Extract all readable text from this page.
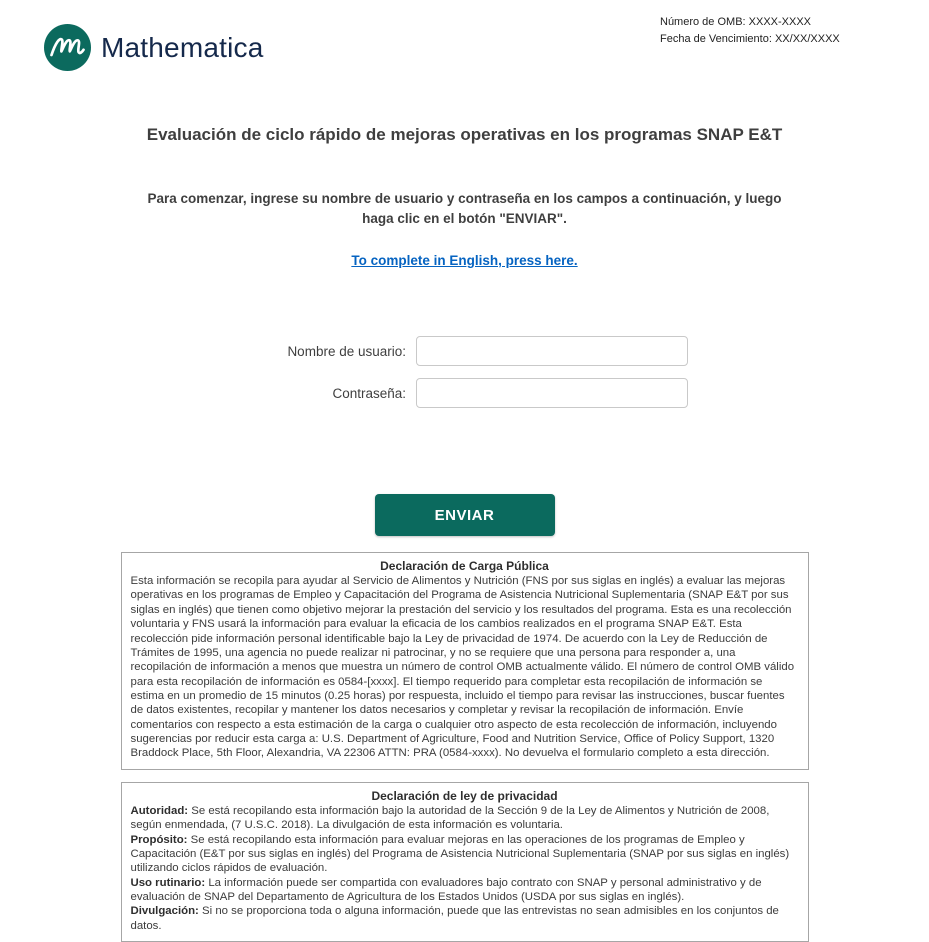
Número de OMB: XXXX-XXXX
Fecha de Vencimiento: XX/XX/XXXX
Mathematica
Evaluación de ciclo rápido de mejoras operativas en los programas SNAP E&T

Para comenzar, ingrese su nombre de usuario y contraseña en los campos a continuación, y luego haga clic en el botón "ENVIAR".

To complete in English, press here.
Nombre de usuario:
Contraseña:
ENVIAR
Declaración de Carga Pública

Esta información se recopila para ayudar al Servicio de Alimentos y Nutrición (FNS por sus siglas en inglés) a evaluar las mejoras operativas en los programas de Empleo y Capacitación del Programa de Asistencia Nutricional Suplementaria (SNAP E&T por sus siglas en inglés) que tienen como objetivo mejorar la prestación del servicio y los resultados del programa. Esta es una recolección voluntaria y FNS usará la información para evaluar la eficacia de los cambios realizados en el programa SNAP E&T. Esta recolección pide información personal identificable bajo la Ley de privacidad de 1974. De acuerdo con la Ley de Reducción de Trámites de 1995, una agencia no puede realizar ni patrocinar, y no se requiere que una persona para responder a, una recopilación de información a menos que muestra un número de control OMB actualmente válido. El número de control OMB válido para esta recopilación de información es 0584-[xxxx]. El tiempo requerido para completar esta recopilación de información se estima en un promedio de 15 minutos (0.25 horas) por respuesta, incluido el tiempo para revisar las instrucciones, buscar fuentes de datos existentes, recopilar y mantener los datos necesarios y completar y revisar la recopilación de información. Envíe comentarios con respecto a esta estimación de la carga o cualquier otro aspecto de esta recolección de información, incluyendo sugerencias por reducir esta carga a: U.S. Department of Agriculture, Food and Nutrition Service, Office of Policy Support, 1320 Braddock Place, 5th Floor, Alexandria, VA 22306 ATTN: PRA (0584-xxxx). No devuelva el formulario completo a esta dirección.

Declaración de ley de privacidad

Autoridad: Se está recopilando esta información bajo la autoridad de la Sección 9 de la Ley de Alimentos y Nutrición de 2008, según enmendada, (7 U.S.C. 2018). La divulgación de esta información es voluntaria.

Propósito: Se está recopilando esta información para evaluar mejoras en las operaciones de los programas de Empleo y Capacitación (E&T por sus siglas en inglés) del Programa de Asistencia Nutricional Suplementaria (SNAP por sus siglas en inglés) utilizando ciclos rápidos de evaluación.

Uso rutinario: La información puede ser compartida con evaluadores bajo contrato con SNAP y personal administrativo y de evaluación de SNAP del Departamento de Agricultura de los Estados Unidos (USDA por sus siglas en inglés).

Divulgación: Si no se proporciona toda o alguna información, puede que las entrevistas no sean admisibles en los conjuntos de datos.
